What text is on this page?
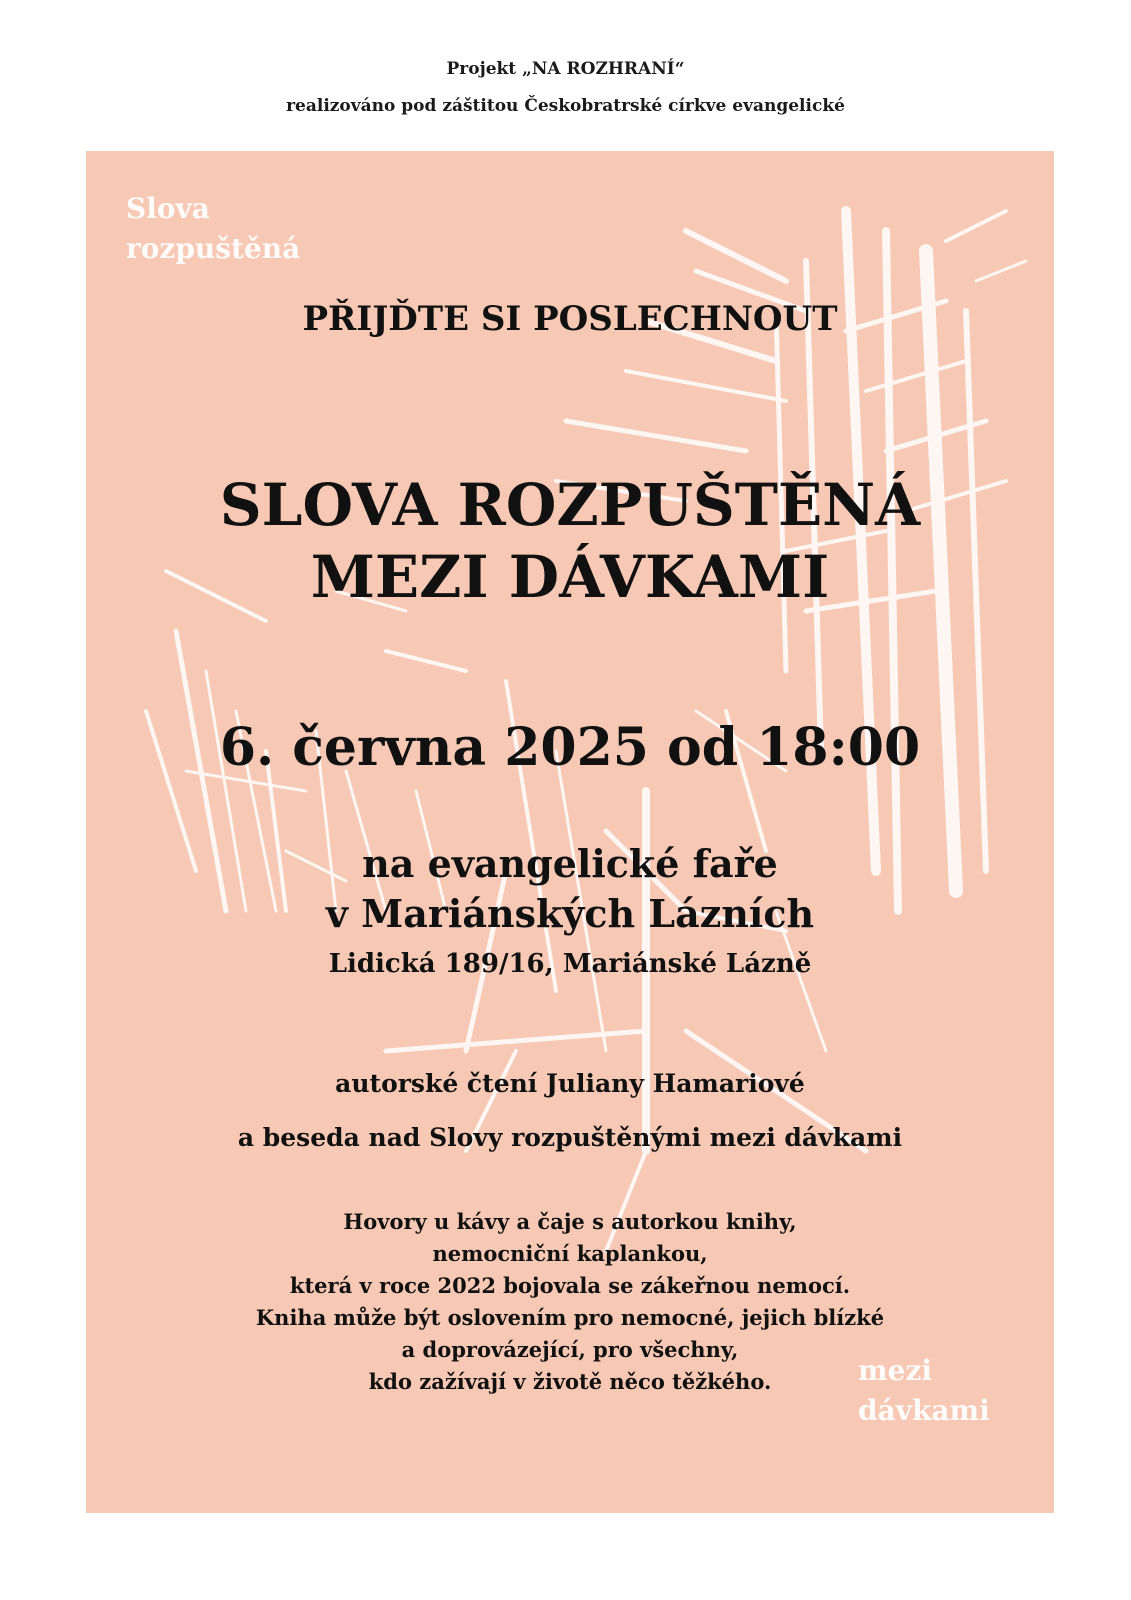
Projekt „NA ROZHRANÍ“
realizováno pod záštitou Českobratrské církve evangelické
Slova
rozpuštěná
PŘIJĎTE SI POSLECHNOUT
SLOVA ROZPUŠTĚNÁ
MEZI DÁVKAMI
6. června 2025 od 18:00
na evangelické faře
v Mariánských Lázních
Lidická 189/16, Mariánské Lázně
autorské čtení Juliany Hamariové
a beseda nad Slovy rozpuštěnými mezi dávkami
Hovory u kávy a čaje s autorkou knihy,
nemocniční kaplankou,
která v roce 2022 bojovala se zákeřnou nemocí.
Kniha může být oslovením pro nemocné, jejich blízké
a doprovázející, pro všechny,
kdo zažívají v životě něco těžkého.	mezi
dávkami
